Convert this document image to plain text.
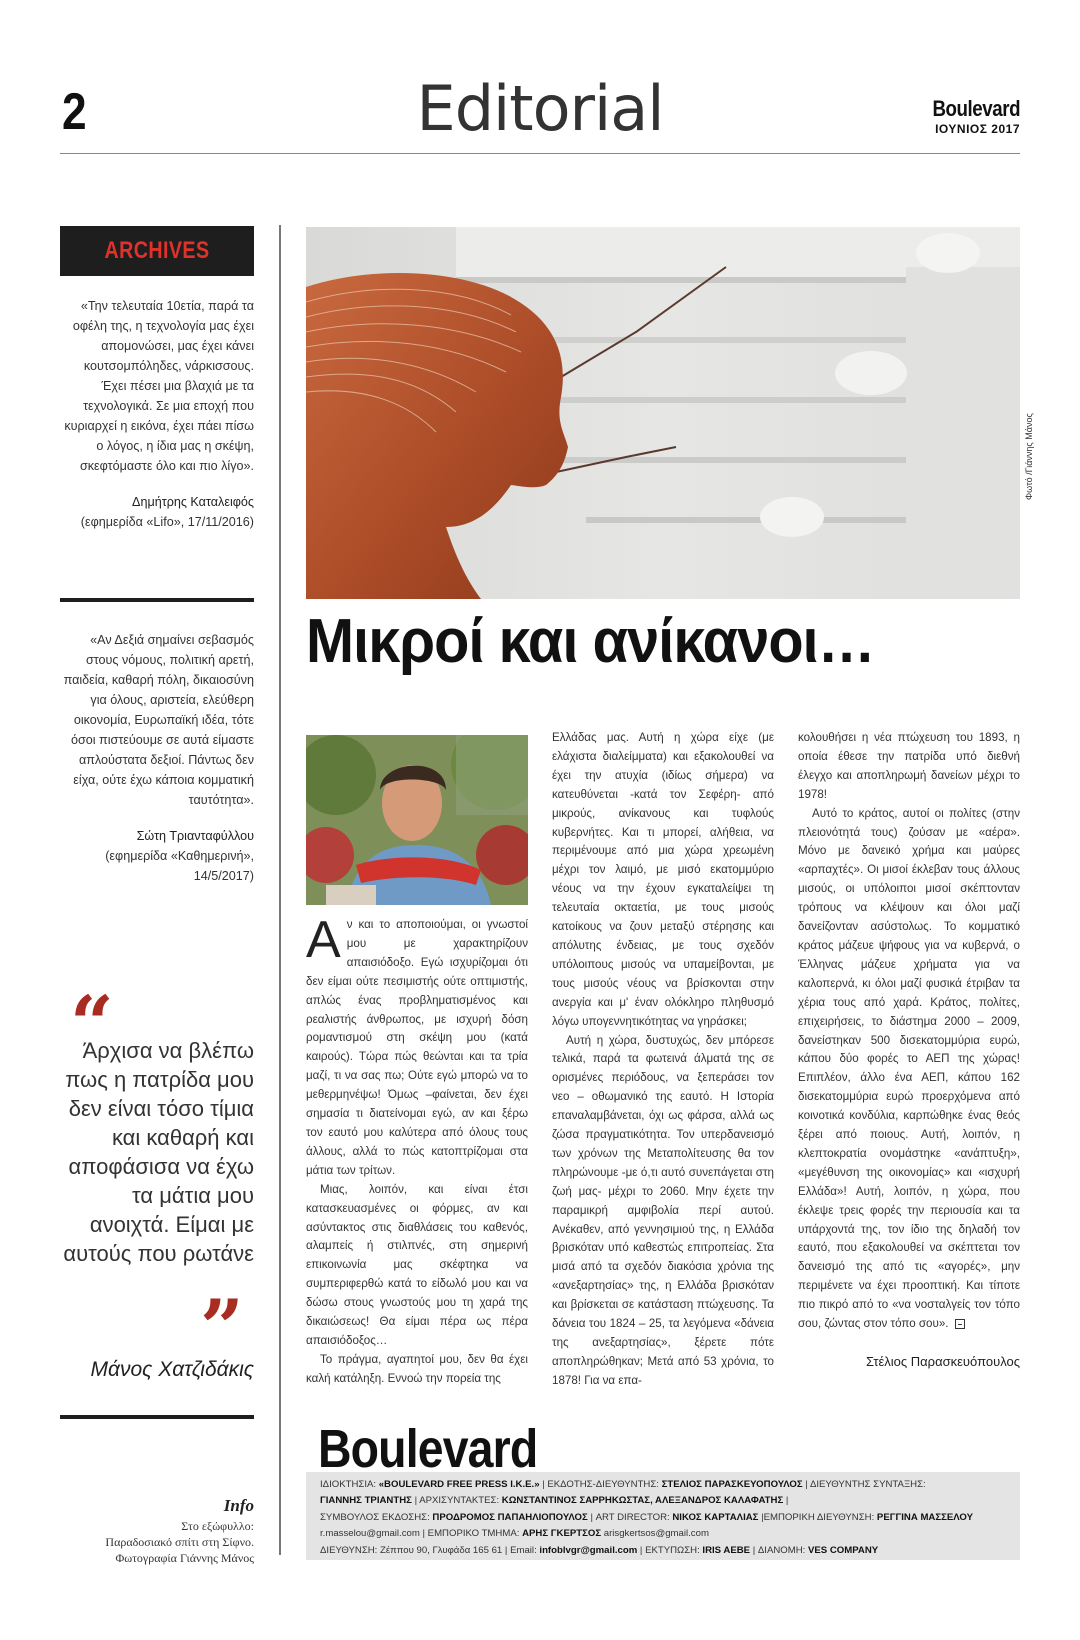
2	Editorial	Boulevard
ΙΟΥΝΙΟΣ 2017
ARCHIVES
«Την τελευταία 10ετία, παρά τα οφέλη της, η τεχνολογία μας έχει απομονώσει, μας έχει κάνει κουτσομπόληδες, νάρκισσους. Έχει πέσει μια βλαχιά με τα τεχνολογικά. Σε μια εποχή που κυριαρχεί η εικόνα, έχει πάει πίσω ο λόγος, η ίδια μας η σκέψη, σκεφτόμαστε όλο και πιο λίγο».
Δημήτρης Καταλειφός
(εφημερίδα «Lifo», 17/11/2016)
«Αν Δεξιά σημαίνει σεβασμός στους νόμους, πολιτική αρετή, παιδεία, καθαρή πόλη, δικαιοσύνη για όλους, αριστεία, ελεύθερη οικονομία, Ευρωπαϊκή ιδέα, τότε όσοι πιστεύουμε σε αυτά είμαστε απλούστατα δεξιοί. Πάντως δεν είχα, ούτε έχω κάποια κομματική ταυτότητα».
Σώτη Τριανταφύλλου
(εφημερίδα «Καθημερινή», 14/5/2017)
“
Άρχισα να βλέπω πως η πατρίδα μου δεν είναι τόσο τίμια και καθαρή και αποφάσισα να έχω τα μάτια μου ανοιχτά. Είμαι με αυτούς που ρωτάνε
”
Μάνος Χατζιδάκις
Info
Στο εξώφυλλο:
Παραδοσιακό σπίτι στη Σίφνο.
Φωτογραφία Γιάννης Μάνος
Φωτό /Γιάννης Μάνος
Μικροί και ανίκανοι…

Αν και το αποποιούμαι, οι γνωστοί μου με χαρακτηρίζουν απαισιόδοξο. Εγώ ισχυρίζομαι ότι δεν είμαι ούτε πεσιμιστής ούτε οπτιμιστής, απλώς ένας προβληματισμένος και ρεαλιστής άνθρωπος, με ισχυρή δόση ρομαντισμού στη σκέψη μου (κατά καιρούς). Τώρα πώς θεώνται και τα τρία μαζί, τι να σας πω; Ούτε εγώ μπορώ να το μεθερμηνέψω! Όμως –φαίνεται, δεν έχει σημασία τι διατείνομαι εγώ, αν και ξέρω τον εαυτό μου καλύτερα από όλους τους άλλους, αλλά το πώς κατοπτρίζομαι στα μάτια των τρίτων.

Μιας, λοιπόν, και είναι έτσι κατασκευασμένες οι φόρμες, αν και ασύντακτος στις διαθλάσεις του καθενός, αλαμπείς ή στιλπνές, στη σημερινή επικοινωνία μας σκέφτηκα να συμπεριφερθώ κατά το είδωλό μου και να δώσω στους γνωστούς μου τη χαρά της δικαιώσεως! Θα είμαι πέρα ως πέρα απαισιόδοξος…

Το πράγμα, αγαπητοί μου, δεν θα έχει καλή κατάληξη. Εννοώ την πορεία της

Ελλάδας μας. Αυτή η χώρα είχε (με ελάχιστα διαλείμματα) και εξακολουθεί να έχει την ατυχία (ιδίως σήμερα) να κατευθύνεται -κατά τον Σεφέρη- από μικρούς, ανίκανους και τυφλούς κυβερνήτες. Και τι μπορεί, αλήθεια, να περιμένουμε από μια χώρα χρεωμένη μέχρι τον λαιμό, με μισό εκατομμύριο νέους να την έχουν εγκαταλείψει τη τελευταία οκταετία, με τους μισούς κατοίκους να ζουν μεταξύ στέρησης και απόλυτης ένδειας, με τους σχεδόν υπόλοιπους μισούς να υπαμείβονται, με τους μισούς νέους να βρίσκονται στην ανεργία και μ' έναν ολόκληρο πληθυσμό λόγω υπογεννητικότητας να γηράσκει;

Αυτή η χώρα, δυστυχώς, δεν μπόρεσε τελικά, παρά τα φωτεινά άλματά της σε ορισμένες περιόδους, να ξεπεράσει τον νεο – οθωμανικό της εαυτό. Η Ιστορία επαναλαμβάνεται, όχι ως φάρσα, αλλά ως ζώσα πραγματικότητα. Τον υπερδανεισμό των χρόνων της Μεταπολίτευσης θα τον πληρώνουμε -με ό,τι αυτό συνεπάγεται στη ζωή μας- μέχρι το 2060. Μην έχετε την παραμικρή αμφιβολία περί αυτού. Ανέκαθεν, από γεννησιμιού της, η Ελλάδα βρισκόταν υπό καθεστώς επιτροπείας. Στα μισά από τα σχεδόν διακόσια χρόνια της «ανεξαρτησίας» της, η Ελλάδα βρισκόταν και βρίσκεται σε κατάσταση πτώχευσης. Τα δάνεια του 1824 – 25, τα λεγόμενα «δάνεια της ανεξαρτησίας», ξέρετε πότε αποπληρώθηκαν; Μετά από 53 χρόνια, το 1878! Για να επα-

κολουθήσει η νέα πτώχευση του 1893, η οποία έθεσε την πατρίδα υπό διεθνή έλεγχο και αποπληρωμή δανείων μέχρι το 1978!

Αυτό το κράτος, αυτοί οι πολίτες (στην πλειονότητά τους) ζούσαν με «αέρα». Μόνο με δανεικό χρήμα και μαύρες «αρπαχτές». Οι μισοί έκλεβαν τους άλλους μισούς, οι υπόλοιποι μισοί σκέπτονταν τρόπους να κλέψουν και όλοι μαζί δανείζονταν ασύστολως. Το κομματικό κράτος μάζευε ψήφους για να κυβερνά, ο Έλληνας μάζευε χρήματα για να καλοπερνά, κι όλοι μαζί φυσικά έτριβαν τα χέρια τους από χαρά. Κράτος, πολίτες, επιχειρήσεις, το διάστημα 2000 – 2009, δανείστηκαν 500 δισεκατομμύρια ευρώ, κάπου δύο φορές το ΑΕΠ της χώρας! Επιπλέον, άλλο ένα ΑΕΠ, κάπου 162 δισεκατομμύρια ευρώ προερχόμενα από κοινοτικά κονδύλια, καρπώθηκε ένας θεός ξέρει από ποιους. Αυτή, λοιπόν, η κλεπτοκρατία ονομάστηκε «ανάπτυξη», «μεγέθυνση της οικονομίας» και «ισχυρή Ελλάδα»! Αυτή, λοιπόν, η χώρα, που έκλεψε τρεις φορές την περιουσία και τα υπάρχοντά της, τον ίδιο της δηλαδή τον εαυτό, που εξακολουθεί να σκέπτεται τον δανεισμό της από τις «αγορές», μην περιμένετε να έχει προοπτική. Και τίποτε πιο πικρό από το «να νοσταλγείς τον τόπο σου, ζώντας στον τόπο σου».

Στέλιος Παρασκευόπουλος
Boulevard
ΙΔΙΟΚΤΗΣΙΑ: «BOULEVARD FREE PRESS I.K.E.» | ΕΚΔΟΤΗΣ-ΔΙΕΥΘΥΝΤΗΣ: ΣΤΕΛΙΟΣ ΠΑΡΑΣΚΕΥΟΠΟΥΛΟΣ | ΔΙΕΥΘΥΝΤΗΣ ΣΥΝΤΑΞΗΣ:
ΓΙΑΝΝΗΣ ΤΡΙΑΝΤΗΣ | ΑΡΧΙΣΥΝΤΑΚΤΕΣ: ΚΩΝΣΤΑΝΤΙΝΟΣ ΣΑΡΡΗΚΩΣΤΑΣ, ΑΛΕΞΑΝΔΡΟΣ ΚΑΛΑΦΑΤΗΣ |
ΣΥΜΒΟΥΛΟΣ ΕΚΔΟΣΗΣ: ΠΡΟΔΡΟΜΟΣ ΠΑΠΑΗΛΙΟΠΟΥΛΟΣ | ART DIRECTOR: ΝΙΚΟΣ ΚΑΡΤΑΛΙΑΣ |ΕΜΠΟΡΙΚΗ ΔΙΕΥΘΥΝΣΗ: ΡΕΓΓΙΝΑ ΜΑΣΣΕΛΟΥ
r.masselou@gmail.com | ΕΜΠΟΡΙΚΟ ΤΜΗΜΑ: ΑΡΗΣ ΓΚΕΡΤΣΟΣ arisgkertsos@gmail.com
ΔΙΕΥΘΥΝΣΗ: Ζέππου 90, Γλυφάδα 165 61 | Email: infoblvgr@gmail.com | ΕΚΤΥΠΩΣΗ: IRIS AEBE | ΔΙΑΝΟΜΗ: VES COMPANY
